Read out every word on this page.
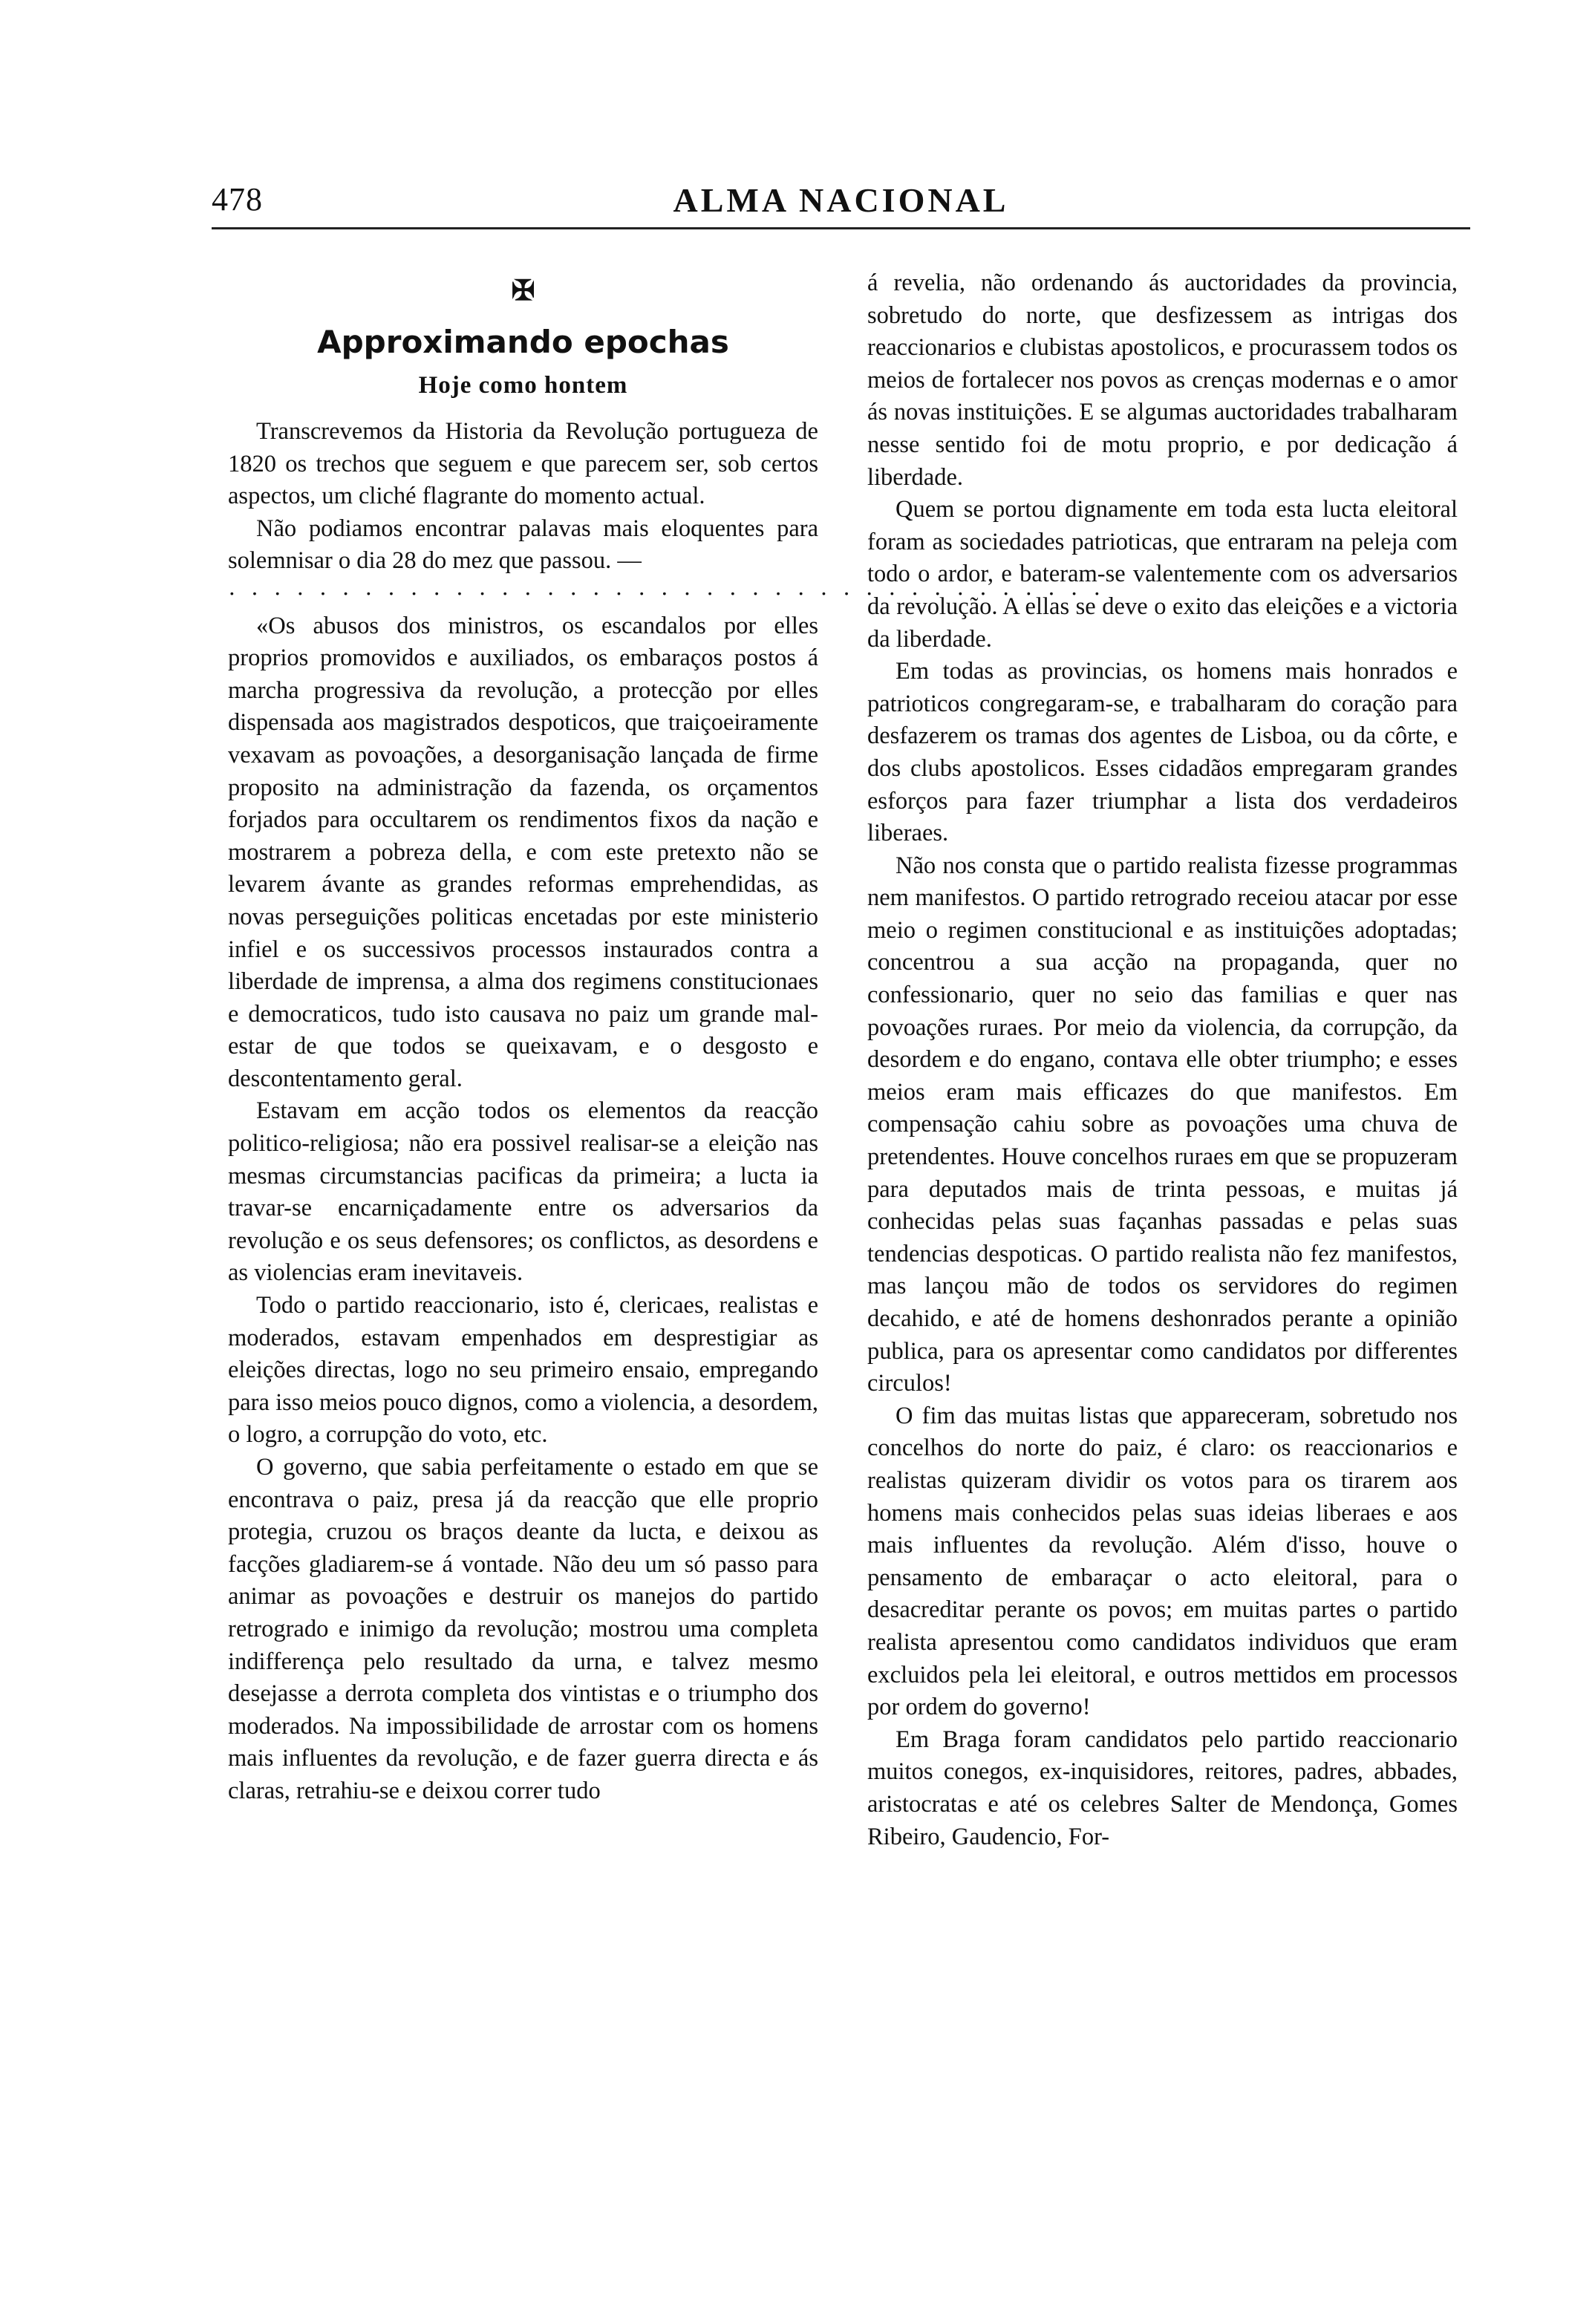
478	ALMA NACIONAL
✠
Approximando epochas
Hoje como hontem

Transcrevemos da Historia da Revolução portugueza de 1820 os trechos que seguem e que parecem ser, sob certos aspectos, um cliché flagrante do momento actual.

Não podiamos encontrar palavas mais eloquentes para solemnisar o dia 28 do mez que passou. —

· · · · · · · · · · · · · · · · · · · · · · · · · · · · · · · · · · · · · · ·

«Os abusos dos ministros, os escandalos por elles proprios promovidos e auxiliados, os embaraços postos á marcha progressiva da revolução, a protecção por elles dispensada aos magistrados despoticos, que traiçoeiramente vexavam as povoações, a desorganisação lançada de firme proposito na administração da fazenda, os orçamentos forjados para occultarem os rendimentos fixos da nação e mostrarem a pobreza della, e com este pretexto não se levarem ávante as grandes reformas emprehendidas, as novas perseguições politicas encetadas por este ministerio infiel e os successivos processos instaurados contra a liberdade de imprensa, a alma dos regimens constitucionaes e democraticos, tudo isto causava no paiz um grande mal-estar de que todos se queixavam, e o desgosto e descontentamento geral.

Estavam em acção todos os elementos da reacção politico-religiosa; não era possivel realisar-se a eleição nas mesmas circumstancias pacificas da primeira; a lucta ia travar-se encarniçadamente entre os adversarios da revolução e os seus defensores; os conflictos, as desordens e as violencias eram inevitaveis.

Todo o partido reaccionario, isto é, clericaes, realistas e moderados, estavam empenhados em desprestigiar as eleições directas, logo no seu primeiro ensaio, empregando para isso meios pouco dignos, como a violencia, a desordem, o logro, a corrupção do voto, etc.

O governo, que sabia perfeitamente o estado em que se encontrava o paiz, presa já da reacção que elle proprio protegia, cruzou os braços deante da lucta, e deixou as facções gladiarem-se á vontade. Não deu um só passo para animar as povoações e destruir os manejos do partido retrogrado e inimigo da revolução; mostrou uma completa indifferença pelo resultado da urna, e talvez mesmo desejasse a derrota completa dos vintistas e o triumpho dos moderados. Na impossibilidade de arrostar com os homens mais influentes da revolução, e de fazer guerra directa e ás claras, retrahiu-se e deixou correr tudo

á revelia, não ordenando ás auctoridades da provincia, sobretudo do norte, que desfizessem as intrigas dos reaccionarios e clubistas apostolicos, e procurassem todos os meios de fortalecer nos povos as crenças modernas e o amor ás novas instituições. E se algumas auctoridades trabalharam nesse sentido foi de motu proprio, e por dedicação á liberdade.

Quem se portou dignamente em toda esta lucta eleitoral foram as sociedades patrioticas, que entraram na peleja com todo o ardor, e bateram-se valentemente com os adversarios da revolução. A ellas se deve o exito das eleições e a victoria da liberdade.

Em todas as provincias, os homens mais honrados e patrioticos congregaram-se, e trabalharam do coração para desfazerem os tramas dos agentes de Lisboa, ou da côrte, e dos clubs apostolicos. Esses cidadãos empregaram grandes esforços para fazer triumphar a lista dos verdadeiros liberaes.

Não nos consta que o partido realista fizesse programmas nem manifestos. O partido retrogrado receiou atacar por esse meio o regimen constitucional e as instituições adoptadas; concentrou a sua acção na propaganda, quer no confessionario, quer no seio das familias e quer nas povoações ruraes. Por meio da violencia, da corrupção, da desordem e do engano, contava elle obter triumpho; e esses meios eram mais efficazes do que manifestos. Em compensação cahiu sobre as povoações uma chuva de pretendentes. Houve concelhos ruraes em que se propuzeram para deputados mais de trinta pessoas, e muitas já conhecidas pelas suas façanhas passadas e pelas suas tendencias despoticas. O partido realista não fez manifestos, mas lançou mão de todos os servidores do regimen decahido, e até de homens deshonrados perante a opinião publica, para os apresentar como candidatos por differentes circulos!

O fim das muitas listas que appareceram, sobretudo nos concelhos do norte do paiz, é claro: os reaccionarios e realistas quizeram dividir os votos para os tirarem aos homens mais conhecidos pelas suas ideias liberaes e aos mais influentes da revolução. Além d'isso, houve o pensamento de embaraçar o acto eleitoral, para o desacreditar perante os povos; em muitas partes o partido realista apresentou como candidatos individuos que eram excluidos pela lei eleitoral, e outros mettidos em processos por ordem do governo!

Em Braga foram candidatos pelo partido reaccionario muitos conegos, ex-inquisidores, reitores, padres, abbades, aristocratas e até os celebres Salter de Mendonça, Gomes Ribeiro, Gaudencio, For-
